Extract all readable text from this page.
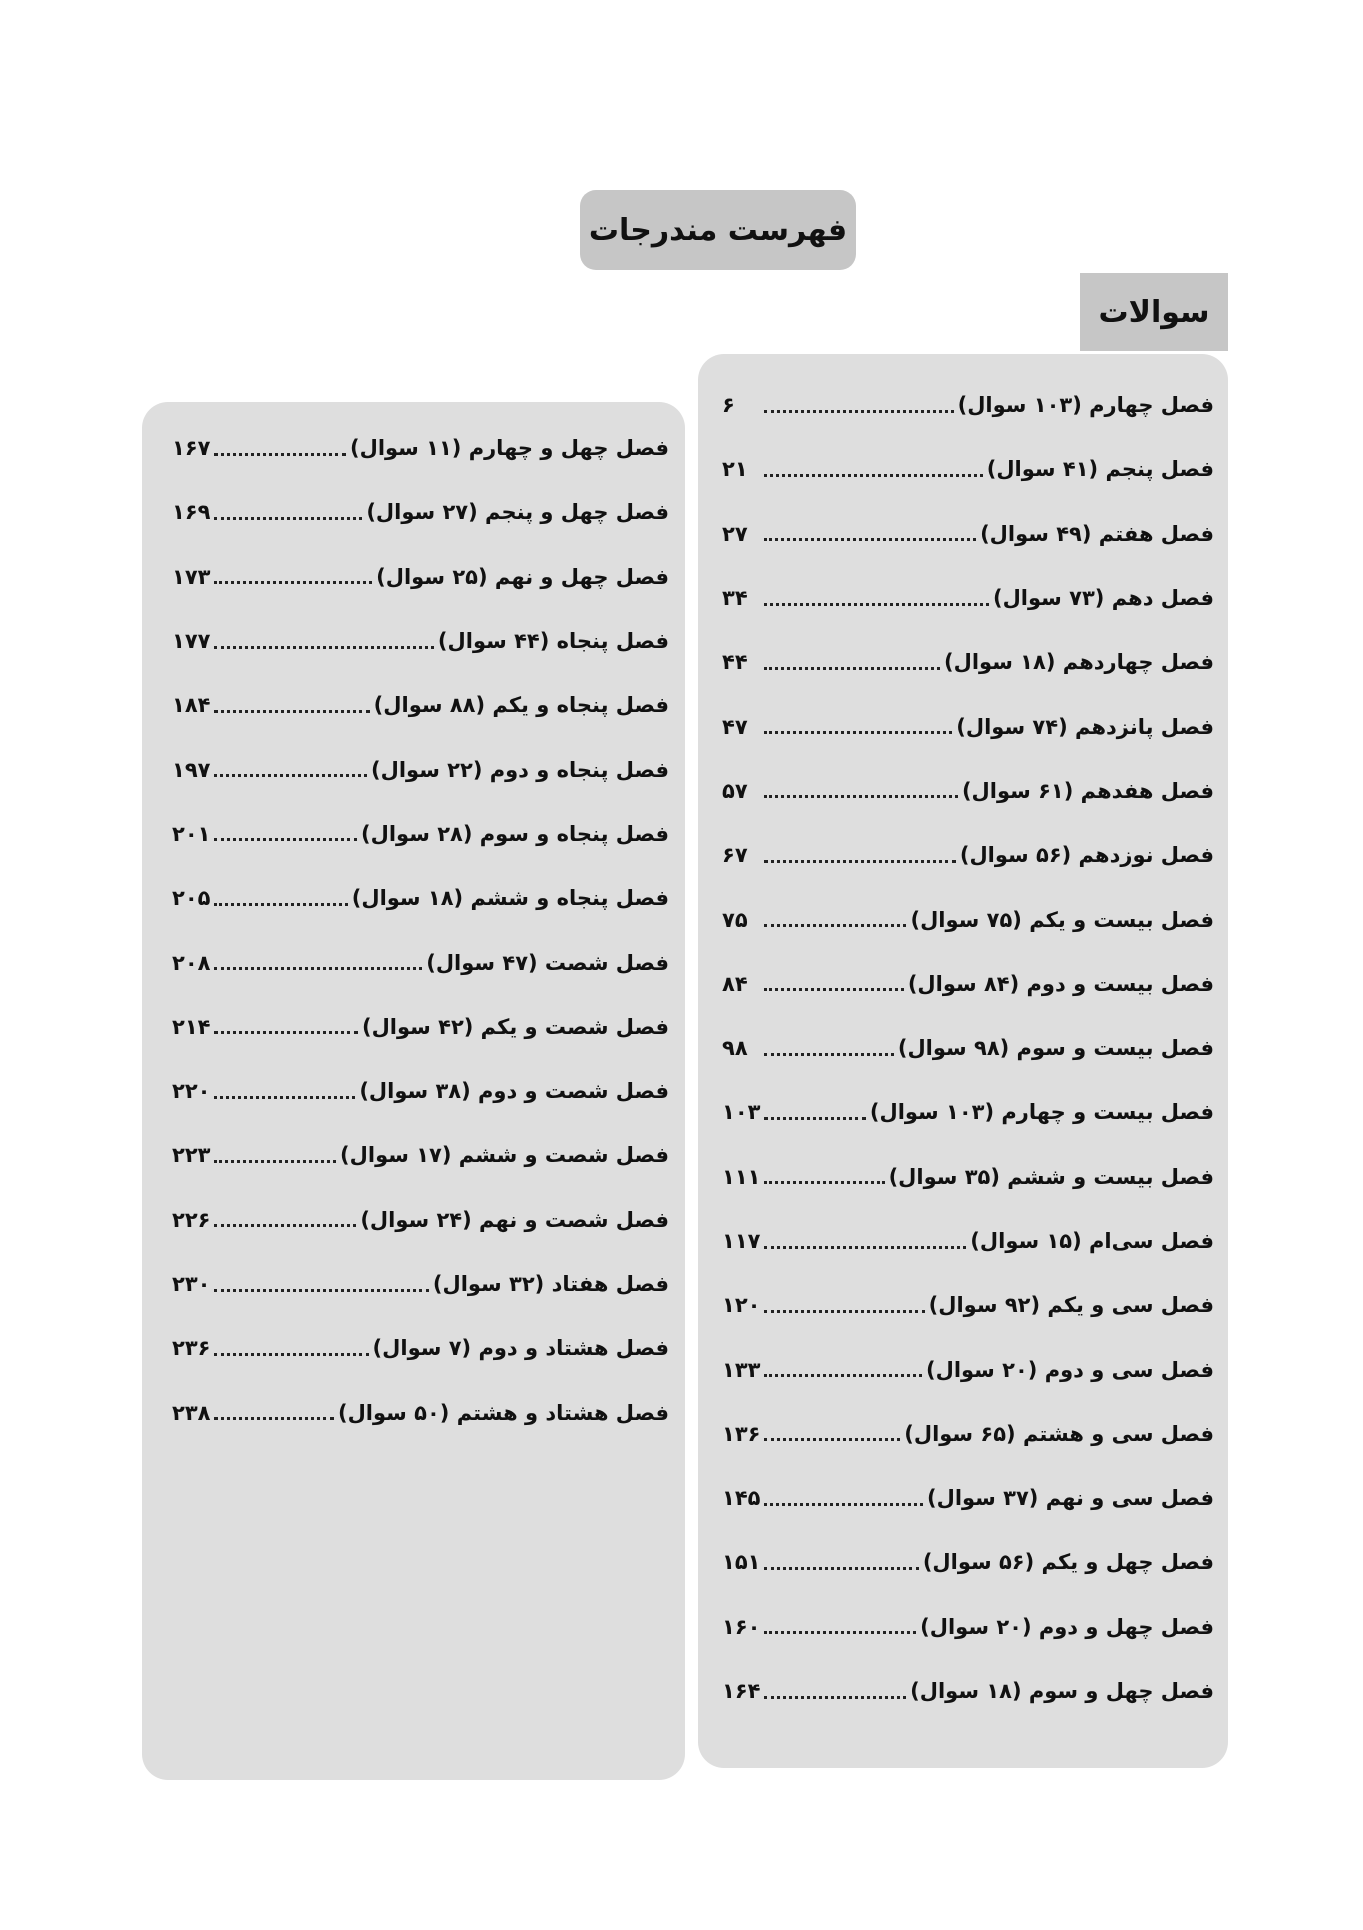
فهرست مندرجات
سوالات
فصل چهارم (۱۰۳ سوال)
۶
فصل پنجم (۴۱ سوال)
۲۱
فصل هفتم (۴۹ سوال)
۲۷
فصل دهم (۷۳ سوال)
۳۴
فصل چهاردهم (۱۸ سوال)
۴۴
فصل پانزدهم (۷۴ سوال)
۴۷
فصل هفدهم (۶۱ سوال)
۵۷
فصل نوزدهم (۵۶ سوال)
۶۷
فصل بیست و یکم (۷۵ سوال)
۷۵
فصل بیست و دوم (۸۴ سوال)
۸۴
فصل بیست و سوم (۹۸ سوال)
۹۸
فصل بیست و چهارم (۱۰۳ سوال)
۱۰۳
فصل بیست و ششم (۳۵ سوال)
۱۱۱
فصل سی‌ام (۱۵ سوال)
۱۱۷
فصل سی و یکم (۹۲ سوال)
۱۲۰
فصل سی و دوم (۲۰ سوال)
۱۳۳
فصل سی و هشتم (۶۵ سوال)
۱۳۶
فصل سی و نهم (۳۷ سوال)
۱۴۵
فصل چهل و یکم (۵۶ سوال)
۱۵۱
فصل چهل و دوم (۲۰ سوال)
۱۶۰
فصل چهل و سوم (۱۸ سوال)
۱۶۴
فصل چهل و چهارم (۱۱ سوال)
۱۶۷
فصل چهل و پنجم (۲۷ سوال)
۱۶۹
فصل چهل و نهم (۲۵ سوال)
۱۷۳
فصل پنجاه (۴۴ سوال)
۱۷۷
فصل پنجاه و یکم (۸۸ سوال)
۱۸۴
فصل پنجاه و دوم (۲۲ سوال)
۱۹۷
فصل پنجاه و سوم (۲۸ سوال)
۲۰۱
فصل پنجاه و ششم (۱۸ سوال)
۲۰۵
فصل شصت (۴۷ سوال)
۲۰۸
فصل شصت و یکم (۴۲ سوال)
۲۱۴
فصل شصت و دوم (۳۸ سوال)
۲۲۰
فصل شصت و ششم (۱۷ سوال)
۲۲۳
فصل شصت و نهم (۲۴ سوال)
۲۲۶
فصل هفتاد (۳۲ سوال)
۲۳۰
فصل هشتاد و دوم (۷ سوال)
۲۳۶
فصل هشتاد و هشتم (۵۰ سوال)
۲۳۸
